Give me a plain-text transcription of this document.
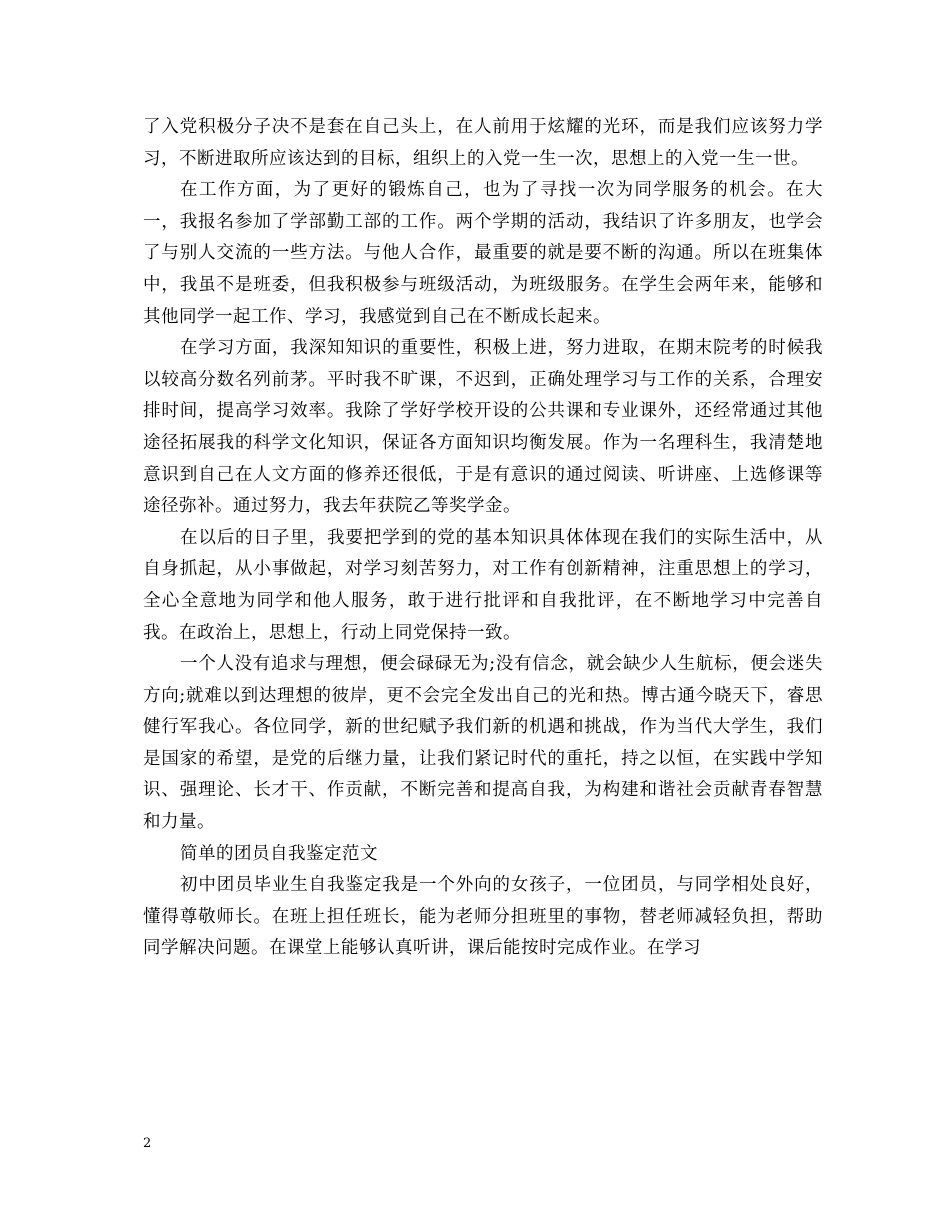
了入党积极分子决不是套在自己头上，在人前用于炫耀的光环，而是我们应该努力学习，不断进取所应该达到的目标，组织上的入党一生一次，思想上的入党一生一世。

在工作方面，为了更好的锻炼自己，也为了寻找一次为同学服务的机会。在大一，我报名参加了学部勤工部的工作。两个学期的活动，我结识了许多朋友，也学会了与别人交流的一些方法。与他人合作，最重要的就是要不断的沟通。所以在班集体中，我虽不是班委，但我积极参与班级活动，为班级服务。在学生会两年来，能够和其他同学一起工作、学习，我感觉到自己在不断成长起来。

在学习方面，我深知知识的重要性，积极上进，努力进取，在期末院考的时候我以较高分数名列前茅。平时我不旷课，不迟到，正确处理学习与工作的关系，合理安排时间，提高学习效率。我除了学好学校开设的公共课和专业课外，还经常通过其他途径拓展我的科学文化知识，保证各方面知识均衡发展。作为一名理科生，我清楚地意识到自己在人文方面的修养还很低，于是有意识的通过阅读、听讲座、上选修课等途径弥补。通过努力，我去年获院乙等奖学金。

在以后的日子里，我要把学到的党的基本知识具体体现在我们的实际生活中，从自身抓起，从小事做起，对学习刻苦努力，对工作有创新精神，注重思想上的学习，全心全意地为同学和他人服务，敢于进行批评和自我批评，在不断地学习中完善自我。在政治上，思想上，行动上同党保持一致。

一个人没有追求与理想，便会碌碌无为;没有信念，就会缺少人生航标，便会迷失方向;就难以到达理想的彼岸，更不会完全发出自己的光和热。博古通今晓天下，睿思健行军我心。各位同学，新的世纪赋予我们新的机遇和挑战，作为当代大学生，我们是国家的希望，是党的后继力量，让我们紧记时代的重托，持之以恒，在实践中学知识、强理论、长才干、作贡献，不断完善和提高自我，为构建和谐社会贡献青春智慧和力量。

简单的团员自我鉴定范文

初中团员毕业生自我鉴定我是一个外向的女孩子，一位团员，与同学相处良好，懂得尊敬师长。在班上担任班长，能为老师分担班里的事物，替老师减轻负担，帮助同学解决问题。在课堂上能够认真听讲，课后能按时完成作业。在学习

2
